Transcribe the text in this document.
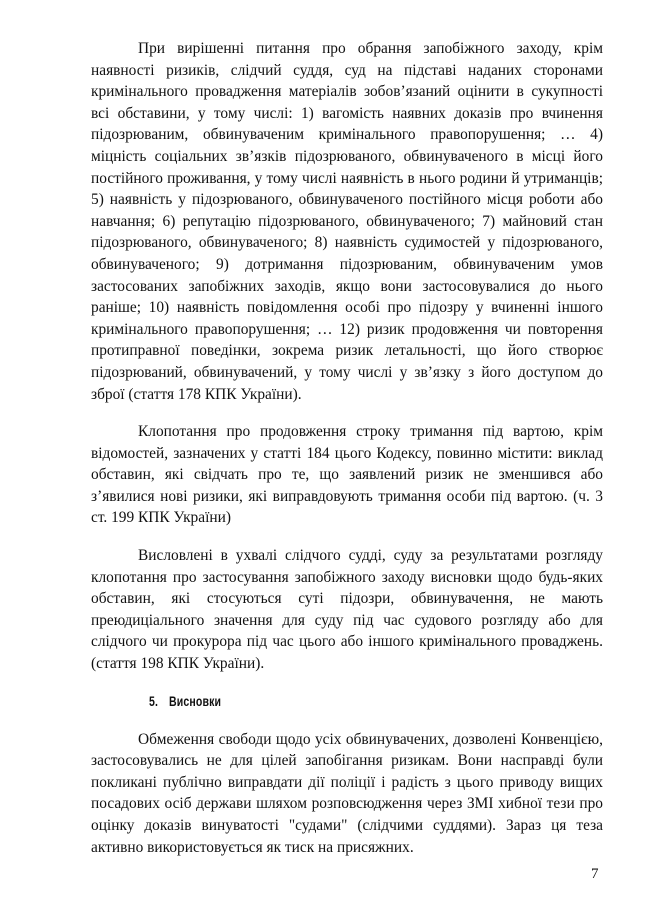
При вирішенні питання про обрання запобіжного заходу, крім наявності ризиків, слідчий суддя, суд на підставі наданих сторонами кримінального провадження матеріалів зобов’язаний оцінити в сукупності всі обставини, у тому числі: 1) вагомість наявних доказів про вчинення підозрюваним, обвинуваченим кримінального правопорушення; … 4) міцність соціальних зв’язків підозрюваного, обвинуваченого в місці його постійного проживання, у тому числі наявність в нього родини й утриманців; 5) наявність у підозрюваного, обвинуваченого постійного місця роботи або навчання; 6) репутацію підозрюваного, обвинуваченого; 7) майновий стан підозрюваного, обвинуваченого; 8) наявність судимостей у підозрюваного, обвинуваченого; 9) дотримання підозрюваним, обвинуваченим умов застосованих запобіжних заходів, якщо вони застосовувалися до нього раніше; 10) наявність повідомлення особі про підозру у вчиненні іншого кримінального правопорушення; … 12) ризик продовження чи повторення протиправної поведінки, зокрема ризик летальності, що його створює підозрюваний, обвинувачений, у тому числі у зв’язку з його доступом до зброї (стаття 178 КПК України).

Клопотання про продовження строку тримання під вартою, крім відомостей, зазначених у статті 184 цього Кодексу, повинно містити: виклад обставин, які свідчать про те, що заявлений ризик не зменшився або з’явилися нові ризики, які виправдовують тримання особи під вартою. (ч. 3 ст. 199 КПК України)

Висловлені в ухвалі слідчого судді, суду за результатами розгляду клопотання про застосування запобіжного заходу висновки щодо будь-яких обставин, які стосуються суті підозри, обвинувачення, не мають преюдиціального значення для суду під час судового розгляду або для слідчого чи прокурора під час цього або іншого кримінального проваджень. (стаття 198 КПК України).

5. Висновки

Обмеження свободи щодо усіх обвинувачених, дозволені Конвенцією, застосовувались не для цілей запобігання ризикам. Вони насправді були покликані публічно виправдати дії поліції і радість з цього приводу вищих посадових осіб держави шляхом розповсюдження через ЗМІ хибної тези про оцінку доказів винуватості "судами" (слідчими суддями). Зараз ця теза активно використовується як тиск на присяжних.

7
